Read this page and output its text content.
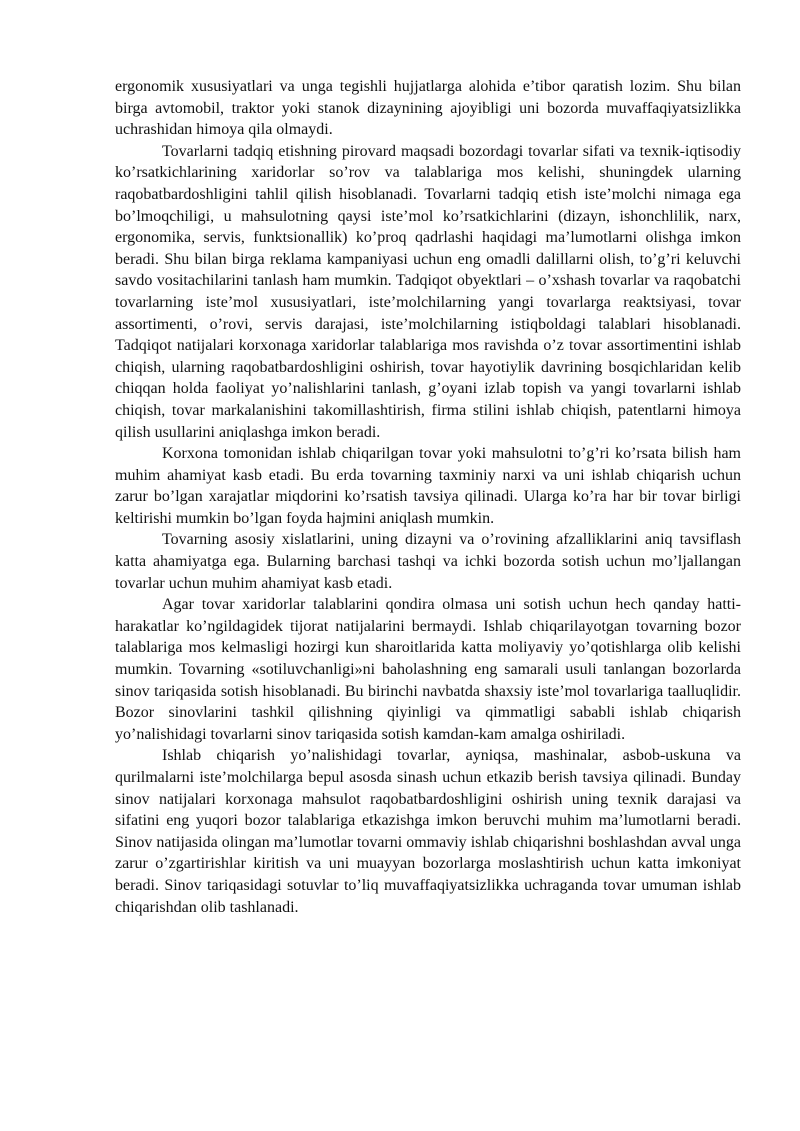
ergonomik xususiyatlari va unga tegishli hujjatlarga alohida e’tibor qaratish lozim. Shu bilan birga avtomobil, traktor yoki stanok dizaynining ajoyibligi uni bozorda muvaffaqiyatsizlikka uchrashidan himoya qila olmaydi.

Tovarlarni tadqiq etishning pirovard maqsadi bozordagi tovarlar sifati va texnik-iqtisodiy ko’rsatkichlarining xaridorlar so’rov va talablariga mos kelishi, shuningdek ularning raqobatbardoshligini tahlil qilish hisoblanadi. Tovarlarni tadqiq etish iste’molchi nimaga ega bo’lmoqchiligi, u mahsulotning qaysi iste’mol ko’rsatkichlarini (dizayn, ishonchlilik, narx, ergonomika, servis, funktsionallik) ko’proq qadrlashi haqidagi ma’lumotlarni olishga imkon beradi. Shu bilan birga reklama kampaniyasi uchun eng omadli dalillarni olish, to’g’ri keluvchi savdo vositachilarini tanlash ham mumkin. Tadqiqot obyektlari – o’xshash tovarlar va raqobatchi tovarlarning iste’mol xususiyatlari, iste’molchilarning yangi tovarlarga reaktsiyasi, tovar assortimenti, o’rovi, servis darajasi, iste’molchilarning istiqboldagi talablari hisoblanadi. Tadqiqot natijalari korxonaga xaridorlar talablariga mos ravishda o’z tovar assortimentini ishlab chiqish, ularning raqobatbardoshligini oshirish, tovar hayotiylik davrining bosqichlaridan kelib chiqqan holda faoliyat yo’nalishlarini tanlash, g’oyani izlab topish va yangi tovarlarni ishlab chiqish, tovar markalanishini takomillashtirish, firma stilini ishlab chiqish, patentlarni himoya qilish usullarini aniqlashga imkon beradi.

Korxona tomonidan ishlab chiqarilgan tovar yoki mahsulotni to’g’ri ko’rsata bilish ham muhim ahamiyat kasb etadi. Bu erda tovarning taxminiy narxi va uni ishlab chiqarish uchun zarur bo’lgan xarajatlar miqdorini ko’rsatish tavsiya qilinadi. Ularga ko’ra har bir tovar birligi keltirishi mumkin bo’lgan foyda hajmini aniqlash mumkin.

Tovarning asosiy xislatlarini, uning dizayni va o’rovining afzalliklarini aniq tavsiflash katta ahamiyatga ega. Bularning barchasi tashqi va ichki bozorda sotish uchun mo’ljallangan tovarlar uchun muhim ahamiyat kasb etadi.

Agar tovar xaridorlar talablarini qondira olmasa uni sotish uchun hech qanday hatti-harakatlar ko’ngildagidek tijorat natijalarini bermaydi. Ishlab chiqarilayotgan tovarning bozor talablariga mos kelmasligi hozirgi kun sharoitlarida katta moliyaviy yo’qotishlarga olib kelishi mumkin. Tovarning «sotiluvchanligi»ni baholashning eng samarali usuli tanlangan bozorlarda sinov tariqasida sotish hisoblanadi. Bu birinchi navbatda shaxsiy iste’mol tovarlariga taalluqlidir. Bozor sinovlarini tashkil qilishning qiyinligi va qimmatligi sababli ishlab chiqarish yo’nalishidagi tovarlarni sinov tariqasida sotish kamdan-kam amalga oshiriladi.

Ishlab chiqarish yo’nalishidagi tovarlar, ayniqsa, mashinalar, asbob-uskuna va qurilmalarni iste’molchilarga bepul asosda sinash uchun etkazib berish tavsiya qilinadi. Bunday sinov natijalari korxonaga mahsulot raqobatbardoshligini oshirish uning texnik darajasi va sifatini eng yuqori bozor talablariga etkazishga imkon beruvchi muhim ma’lumotlarni beradi. Sinov natijasida olingan ma’lumotlar tovarni ommaviy ishlab chiqarishni boshlashdan avval unga zarur o’zgartirishlar kiritish va uni muayyan bozorlarga moslashtirish uchun katta imkoniyat beradi. Sinov tariqasidagi sotuvlar to’liq muvaffaqiyatsizlikka uchraganda tovar umuman ishlab chiqarishdan olib tashlanadi.
